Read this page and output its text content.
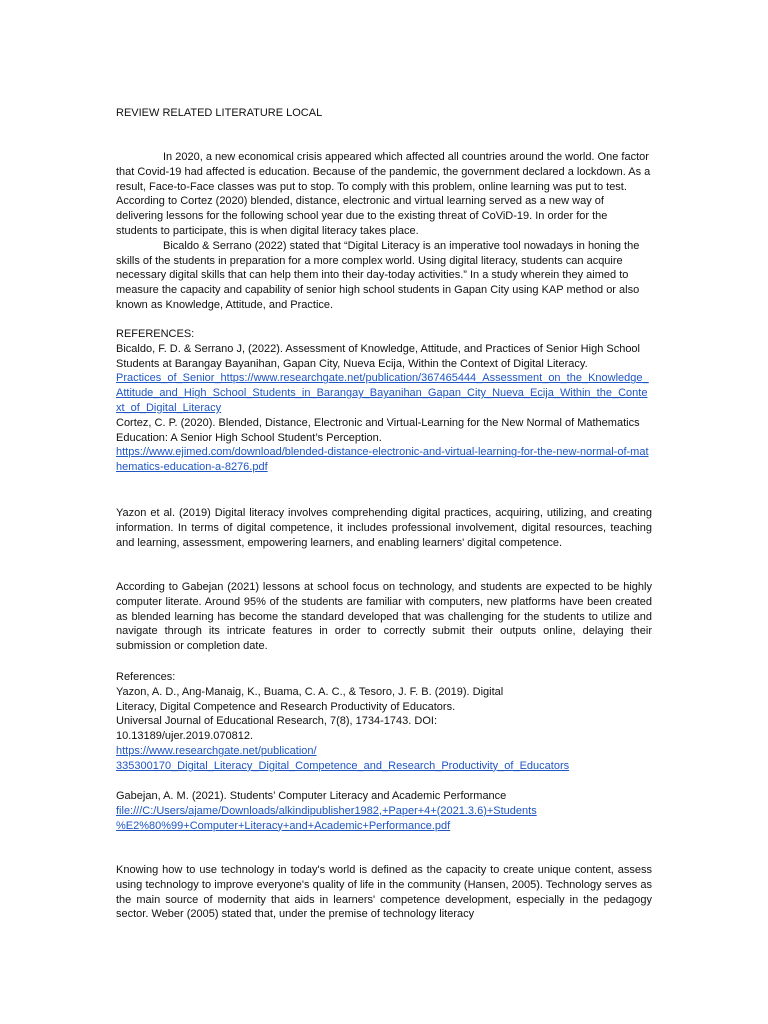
REVIEW RELATED LITERATURE LOCAL

In 2020, a new economical crisis appeared which affected all countries around the world. One factor that Covid-19 had affected is education. Because of the pandemic, the government declared a lockdown. As a result, Face-to-Face classes was put to stop. To comply with this problem, online learning was put to test. According to Cortez (2020) blended, distance, electronic and virtual learning served as a new way of delivering lessons for the following school year due to the existing threat of CoViD-19. In order for the students to participate, this is when digital literacy takes place.

Bicaldo & Serrano (2022) stated that “Digital Literacy is an imperative tool nowadays in honing the skills of the students in preparation for a more complex world. Using digital literacy, students can acquire necessary digital skills that can help them into their day-today activities.” In a study wherein they aimed to measure the capacity and capability of senior high school students in Gapan City using KAP method or also known as Knowledge, Attitude, and Practice.

REFERENCES:

Bicaldo, F. D. & Serrano J, (2022). Assessment of Knowledge, Attitude, and Practices of Senior High School Students at Barangay Bayanihan, Gapan City, Nueva Ecija, Within the Context of Digital Literacy.

Practices_of_Senior_https://www.researchgate.net/publication/367465444_Assessment_on_the_Knowledge_Attitude_and_High_School_Students_in_Barangay_Bayanihan_Gapan_City_Nueva_Ecija_Within_the_Context_of_Digital_Literacy

Cortez, C. P. (2020). Blended, Distance, Electronic and Virtual-Learning for the New Normal of Mathematics Education: A Senior High School Student’s Perception.

https://www.ejimed.com/download/blended-distance-electronic-and-virtual-learning-for-the-new-normal-of-mathematics-education-a-8276.pdf

Yazon et al. (2019) Digital literacy involves comprehending digital practices, acquiring, utilizing, and creating information. In terms of digital competence, it includes professional involvement, digital resources, teaching and learning, assessment, empowering learners, and enabling learners' digital competence.

According to Gabejan (2021) lessons at school focus on technology, and students are expected to be highly computer literate. Around 95% of the students are familiar with computers, new platforms have been created as blended learning has become the standard developed that was challenging for the students to utilize and navigate through its intricate features in order to correctly submit their outputs online, delaying their submission or completion date.

References:

Yazon, A. D., Ang-Manaig, K., Buama, C. A. C., & Tesoro, J. F. B. (2019). Digital

Literacy, Digital Competence and Research Productivity of Educators.

Universal Journal of Educational Research, 7(8), 1734-1743. DOI:

10.13189/ujer.2019.070812.

https://www.researchgate.net/publication/

335300170_Digital_Literacy_Digital_Competence_and_Research_Productivity_of_Educators

Gabejan, A. M. (2021). Students’ Computer Literacy and Academic Performance

file:///C:/Users/ajame/Downloads/alkindipublisher1982,+Paper+4+(2021.3.6)+Students

%E2%80%99+Computer+Literacy+and+Academic+Performance.pdf

Knowing how to use technology in today's world is defined as the capacity to create unique content, assess using technology to improve everyone's quality of life in the community (Hansen, 2005). Technology serves as the main source of modernity that aids in learners' competence development, especially in the pedagogy sector. Weber (2005) stated that, under the premise of technology literacy
